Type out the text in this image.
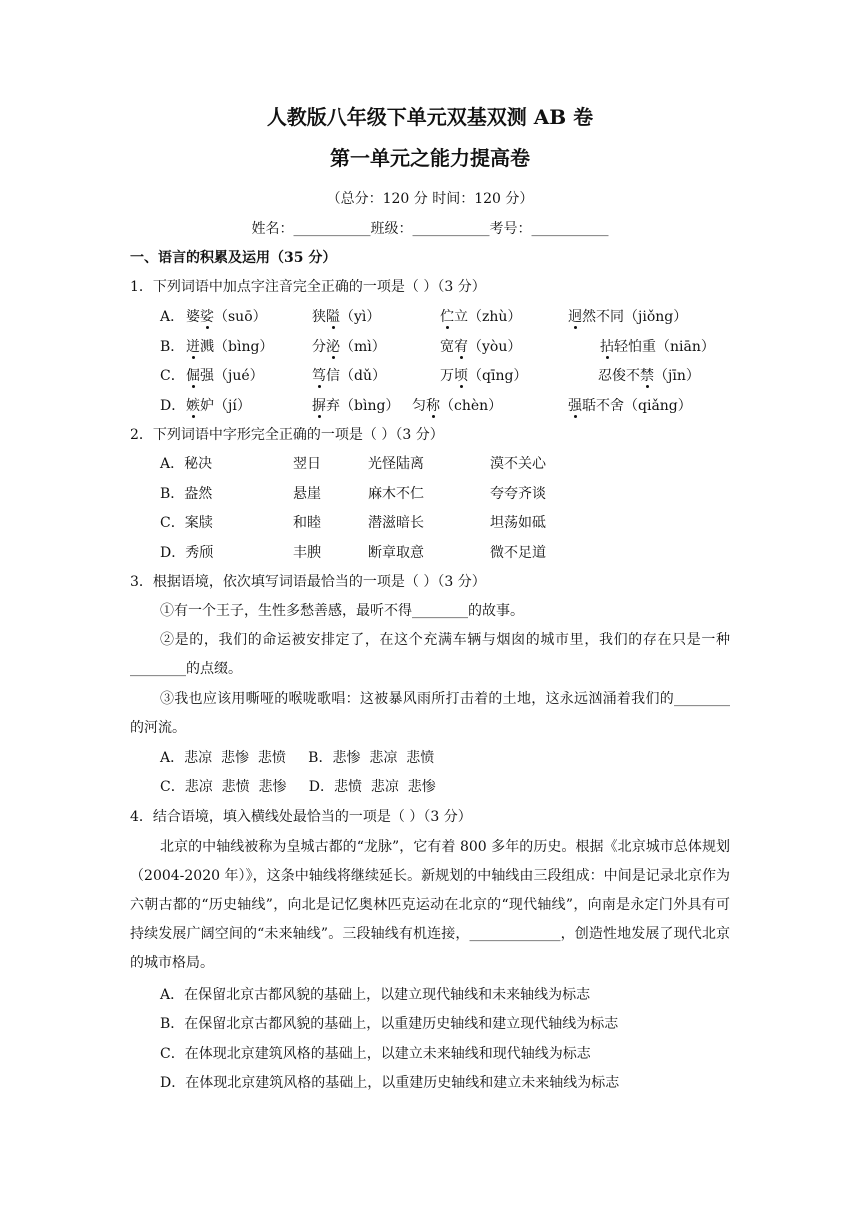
人教版八年级下单元双基双测 AB 卷
第一单元之能力提高卷
（总分：120 分 时间：120 分）
姓名：___________班级：___________考号：___________
一、语言的积累及运用（35 分）
1．下列词语中加点字注音完全正确的一项是（ ）（3 分）
A． 婆娑（suō）	狭隘（yì）	伫立（zhù）	迥然不同（jiǒng）
B． 迸溅（bìng）	分泌（mì）	宽宥（yòu）	拈轻怕重（niān）
C． 倔强（jué）	笃信（dǔ）	万顷（qīng）	忍俊不禁（jīn）
D． 嫉妒（jí）	摒弃（bìng） 匀称（chèn）	强聒不舍（qiǎng）
2．下列词语中字形完全正确的一项是（ ）（3 分）
A．秘决	翌日	光怪陆离	漠不关心
B．盎然	悬崖	麻木不仁	夸夸齐谈
C．案牍	和睦	潜滋暗长	坦荡如砥
D．秀颀	丰腴	断章取意	微不足道
3．根据语境，依次填写词语最恰当的一项是（ ）（3 分）
①有一个王子，生性多愁善感，最听不得________的故事。
②是的，我们的命运被安排定了，在这个充满车辆与烟囱的城市里，我们的存在只是一种________的点缀。
③我也应该用嘶哑的喉咙歌唱：这被暴风雨所打击着的土地，这永远汹涌着我们的________的河流。
A．悲凉  悲惨  悲愤     B．悲惨  悲凉  悲愤
C．悲凉  悲愤  悲惨     D．悲愤  悲凉  悲惨
4．结合语境，填入横线处最恰当的一项是（ ）（3 分）
北京的中轴线被称为皇城古都的“龙脉”，它有着 800 多年的历史。根据《北京城市总体规划（2004-2020 年）》，这条中轴线将继续延长。新规划的中轴线由三段组成：中间是记录北京作为六朝古都的“历史轴线”，向北是记忆奥林匹克运动在北京的“现代轴线”，向南是永定门外具有可持续发展广阔空间的“未来轴线”。三段轴线有机连接，_____________，创造性地发展了现代北京的城市格局。
A．在保留北京古都风貌的基础上，以建立现代轴线和未来轴线为标志
B．在保留北京古都风貌的基础上，以重建历史轴线和建立现代轴线为标志
C．在体现北京建筑风格的基础上，以建立未来轴线和现代轴线为标志
D．在体现北京建筑风格的基础上，以重建历史轴线和建立未来轴线为标志
